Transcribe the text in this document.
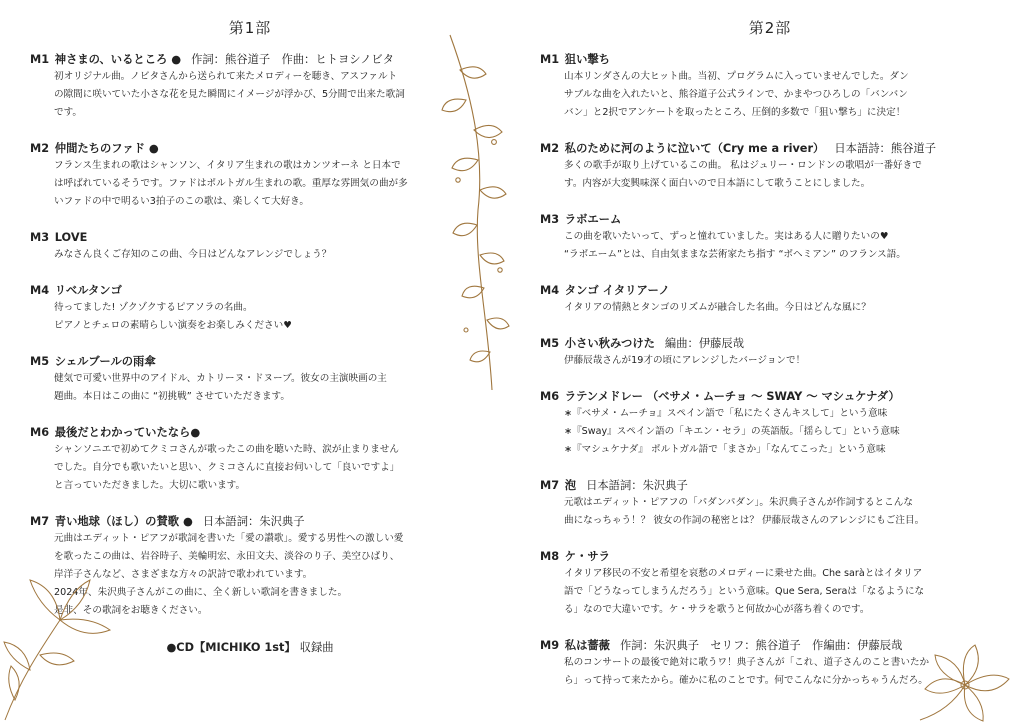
第1部
M1  神さまの、いるところ ● 作詞：熊谷道子　作曲：ヒトヨシノビタ

初オリジナル曲。ノビタさんから送られて来たメロディーを聴き、アスファルト

の隙間に咲いていた小さな花を見た瞬間にイメージが浮かび、5分間で出来た歌詞

です。

M2  仲間たちのファド ●

フランス生まれの歌はシャンソン、イタリア生まれの歌はカンツオーネ と日本で

は呼ばれているそうです。ファドはポルトガル生まれの歌。重厚な雰囲気の曲が多

いファドの中で明るい3拍子のこの歌は、楽しくて大好き。

M3  LOVE

みなさん良くご存知のこの曲、今日はどんなアレンジでしょう？

M4  リベルタンゴ

待ってました! ゾクゾクするピアソラの名曲。

ピアノとチェロの素晴らしい演奏をお楽しみください♥

M5  シェルブールの雨傘

健気で可愛い世界中のアイドル、カトリーヌ・ドヌーブ。彼女の主演映画の主

題曲。本日はこの曲に “初挑戦” させていただきます。

M6  最後だとわかっていたなら●

シャンソニエで初めてクミコさんが歌ったこの曲を聴いた時、涙が止まりません

でした。自分でも歌いたいと思い、クミコさんに直接お伺いして「良いですよ」

と言っていただきました。大切に歌います。

M7  青い地球（ほし）の賛歌 ● 日本語詞：朱沢典子

元曲はエディット・ピアフが歌詞を書いた「愛の讃歌」。愛する男性への激しい愛

を歌ったこの曲は、岩谷時子、美輪明宏、永田文夫、淡谷のり子、美空ひばり、

岸洋子さんなど、さまざまな方々の訳詩で歌われています。

2024年、朱沢典子さんがこの曲に、全く新しい歌詞を書きました。

是非、その歌詞をお聴きください。

●CD【MICHIKO 1st】 収録曲
第2部
M1  狙い撃ち

山本リンダさんの大ヒット曲。当初、プログラムに入っていませんでした。ダン

サブルな曲を入れたいと、熊谷道子公式ラインで、かまやつひろしの「バンバン

バン」と2択でアンケートを取ったところ、圧倒的多数で「狙い撃ち」に決定！

M2  私のために河のように泣いて（Cry me a river） 日本語詩：熊谷道子

多くの歌手が取り上げているこの曲。 私はジュリー・ロンドンの歌唱が一番好きで

す。内容が大変興味深く面白いので日本語にして歌うことにしました。

M3  ラボエーム

この曲を歌いたいって、ずっと憧れていました。実はある人に贈りたいの♥

“ラボエーム”とは、自由気ままな芸術家たち指す “ボヘミアン” のフランス語。

M4  タンゴ イタリアーノ

イタリアの情熱とタンゴのリズムが融合した名曲。今日はどんな風に？

M5  小さい秋みつけた 編曲：伊藤辰哉

伊藤辰哉さんが19才の頃にアレンジしたバージョンで！

M6  ラテンメドレー （ベサメ・ムーチョ 〜 SWAY 〜 マシュケナダ）

∗『ベサメ・ムーチョ』スペイン語で「私にたくさんキスして」という意味

∗『Sway』スペイン語の「キエン・セラ」の英語版。「揺らして」という意味

∗『マシュケナダ』 ポルトガル語で「まさか」「なんてこった」という意味

M7  泡 日本語詞：朱沢典子

元歌はエディット・ピアフの「パダンパダン」。朱沢典子さんが作詞するとこんな

曲になっちゃう！？ 彼女の作詞の秘密とは？ 伊藤辰哉さんのアレンジにもご注目。

M8  ケ・サラ

イタリア移民の不安と希望を哀愁のメロディーに乗せた曲。Che saràとはイタリア

語で「どうなってしまうんだろう」という意味。Que Sera, Seraは「なるようにな

る」なので大違いです。ケ・サラを歌うと何故か心が落ち着くのです。

M9  私は薔薇 作詞：朱沢典子　セリフ：熊谷道子　作編曲：伊藤辰哉

私のコンサートの最後で絶対に歌うワ！典子さんが「これ、道子さんのこと書いたか

ら」って持って来たから。確かに私のことです。何でこんなに分かっちゃうんだろ。
